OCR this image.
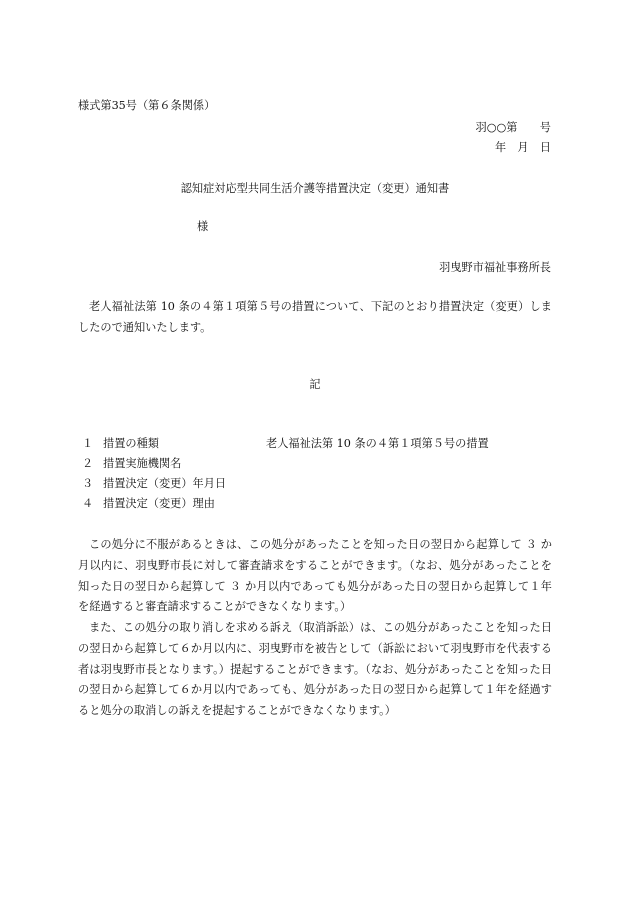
様式第35号（第６条関係）
羽○○第　　号
年　月　日
認知症対応型共同生活介護等措置決定（変更）通知書
様
羽曳野市福祉事務所長
老人福祉法第 10 条の４第１項第５号の措置について、下記のとおり措置決定（変更）しましたので通知いたします。
記
１ 措置の種類	老人福祉法第 10 条の４第１項第５号の措置
２ 措置実施機関名
３ 措置決定（変更）年月日
４ 措置決定（変更）理由
この処分に不服があるときは、この処分があったことを知った日の翌日から起算して ３ か月以内に、羽曳野市長に対して審査請求をすることができます。（なお、処分があったことを知った日の翌日から起算して ３ か月以内であっても処分があった日の翌日から起算して１年を経過すると審査請求することができなくなります。）
また、この処分の取り消しを求める訴え（取消訴訟）は、この処分があったことを知った日の翌日から起算して６か月以内に、羽曳野市を被告として（訴訟において羽曳野市を代表する者は羽曳野市長となります。）提起することができます。（なお、処分があったことを知った日の翌日から起算して６か月以内であっても、処分があった日の翌日から起算して１年を経過すると処分の取消しの訴えを提起することができなくなります。）
